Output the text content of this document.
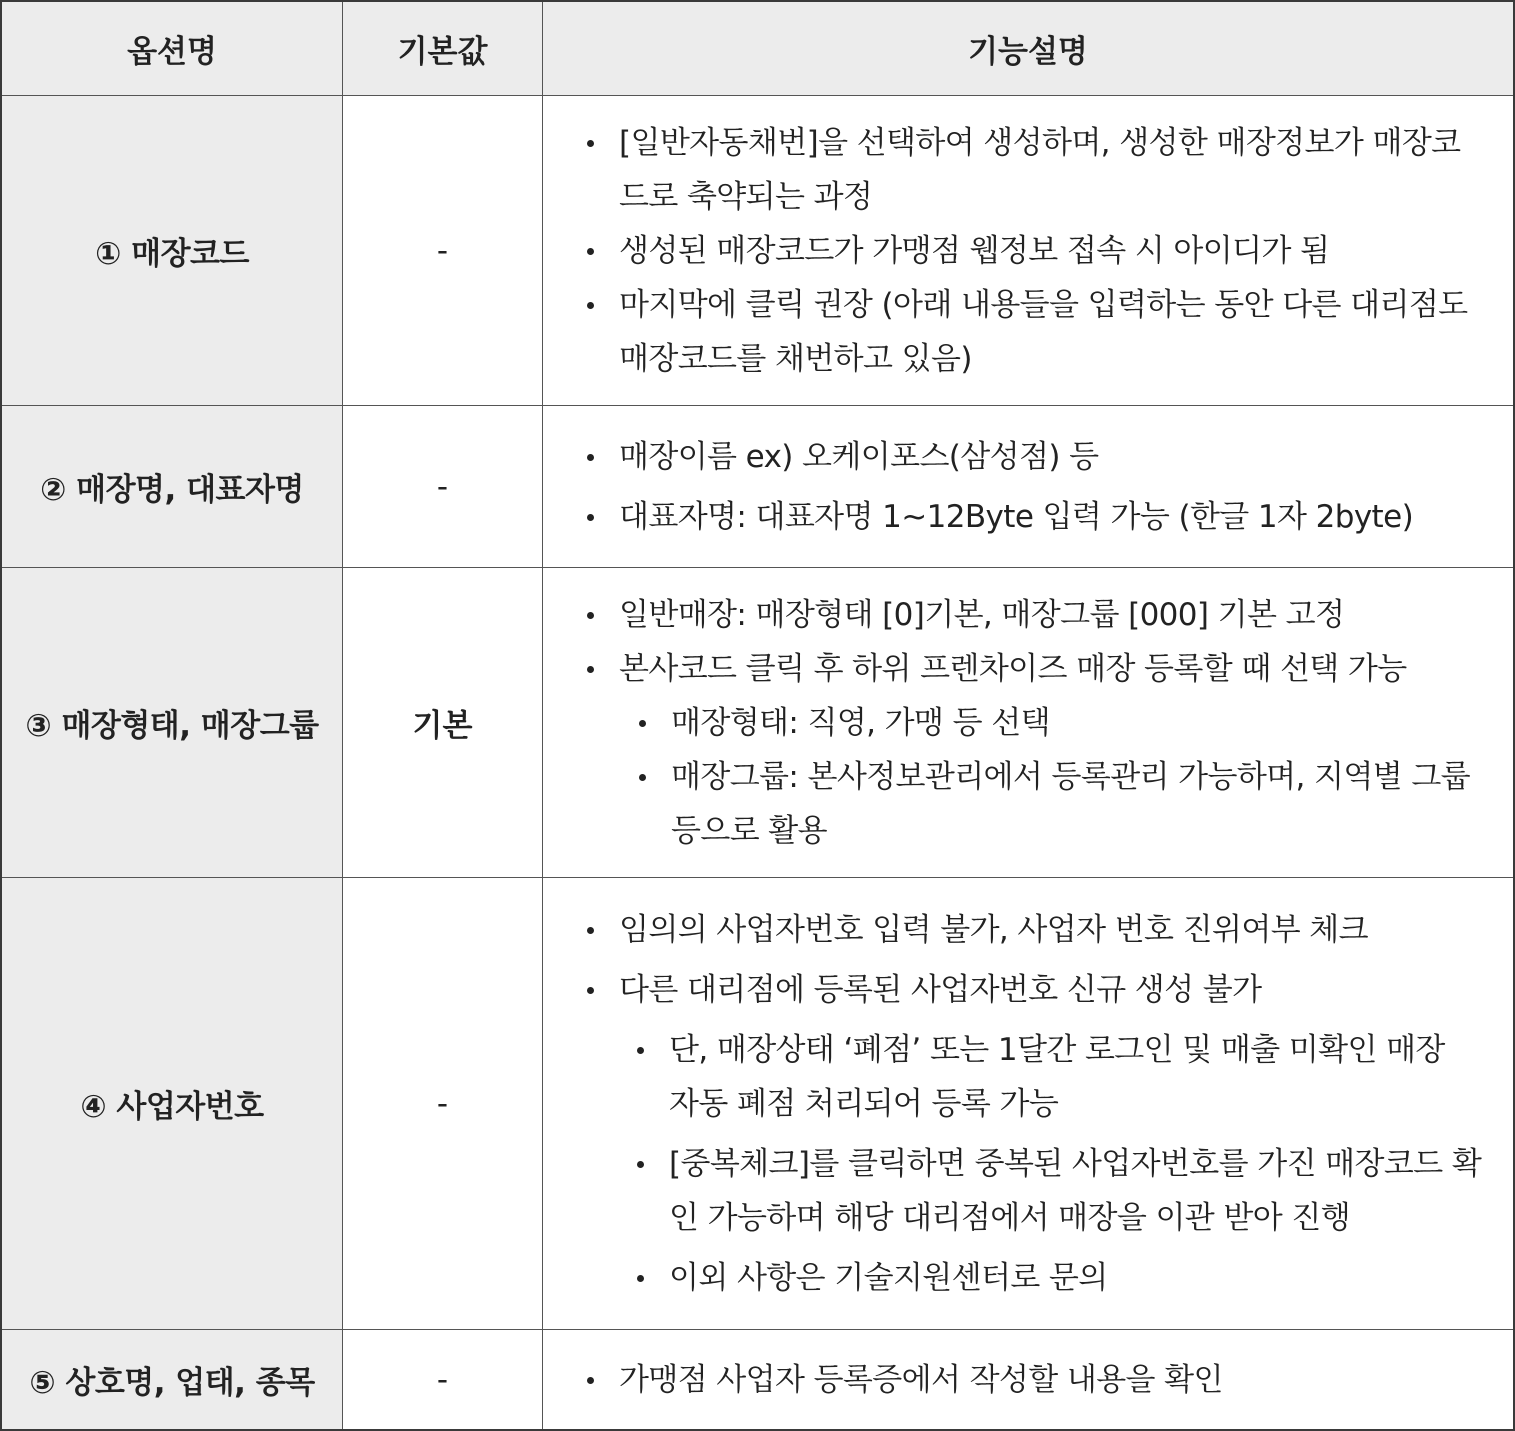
옵션명	기본값	기능설명
① 매장코드	-
[일반자동채번]을 선택하여 생성하며, 생성한 매장정보가 매장코드로 축약되는 과정
생성된 매장코드가 가맹점 웹정보 접속 시 아이디가 됨
마지막에 클릭 권장 (아래 내용들을 입력하는 동안 다른 대리점도 매장코드를 채번하고 있음)
② 매장명, 대표자명	-
매장이름 ex) 오케이포스(삼성점) 등
대표자명: 대표자명 1~12Byte 입력 가능 (한글 1자 2byte)
③ 매장형태, 매장그룹	기본
일반매장: 매장형태 [0]기본, 매장그룹 [000] 기본 고정
본사코드 클릭 후 하위 프렌차이즈 매장 등록할 때 선택 가능
매장형태: 직영, 가맹 등 선택
매장그룹: 본사정보관리에서 등록관리 가능하며, 지역별 그룹등으로 활용
④ 사업자번호	-
임의의 사업자번호 입력 불가, 사업자 번호 진위여부 체크
다른 대리점에 등록된 사업자번호 신규 생성 불가
단, 매장상태 ‘폐점’ 또는 1달간 로그인 및 매출 미확인 매장 자동 폐점 처리되어 등록 가능
[중복체크]를 클릭하면 중복된 사업자번호를 가진 매장코드 확인 가능하며 해당 대리점에서 매장을 이관 받아 진행
이외 사항은 기술지원센터로 문의
⑤ 상호명, 업태, 종목	-	가맹점 사업자 등록증에서 작성할 내용을 확인
